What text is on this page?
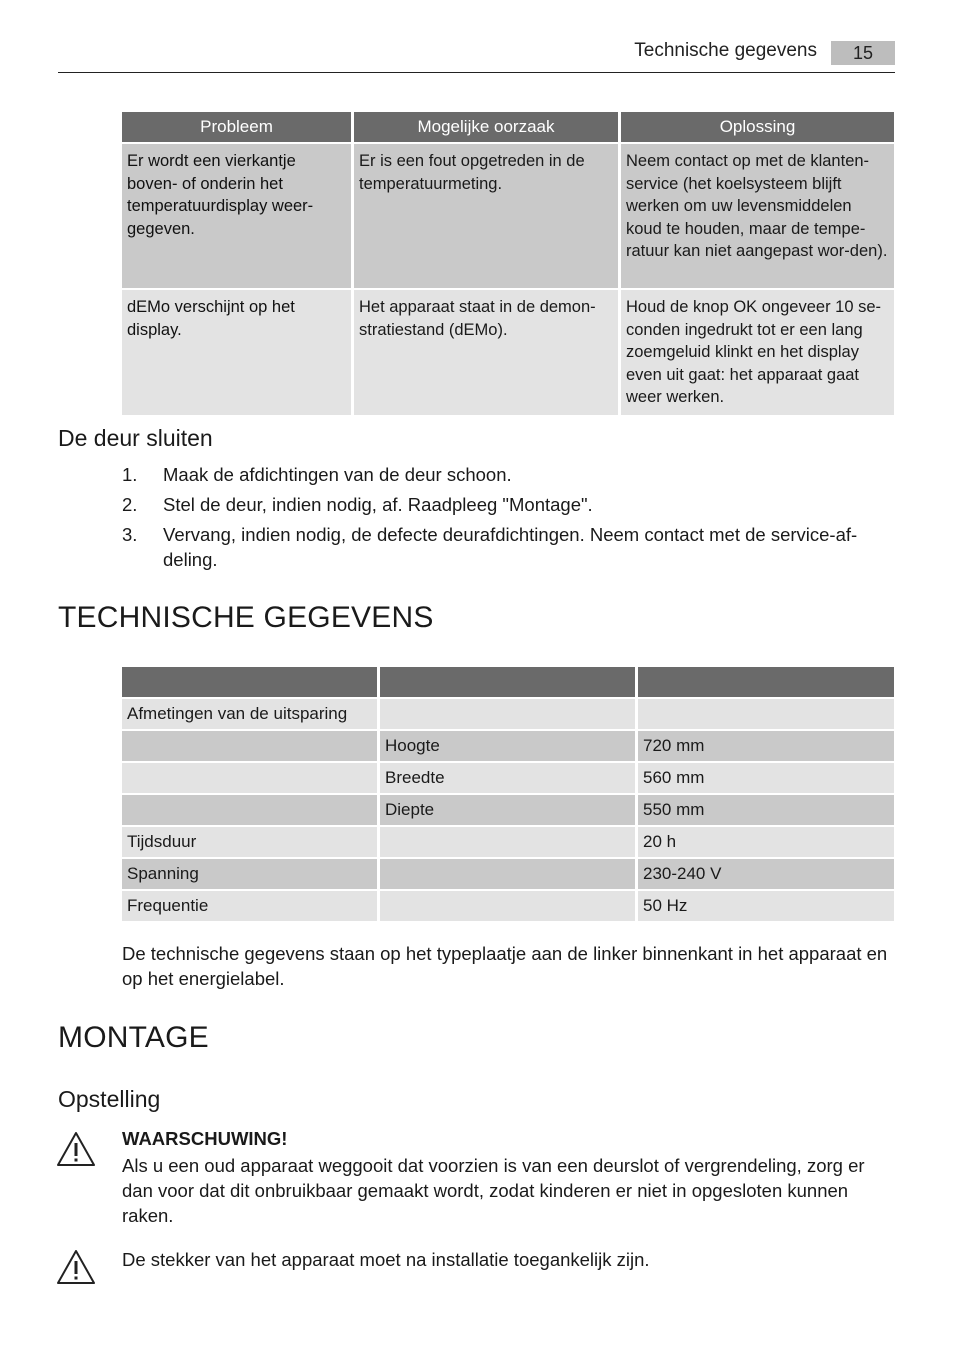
Technische gegevens	15
Probleem	Mogelijke oorzaak	Oplossing
Er wordt een vierkantje boven- of onderin het temperatuurdisplay weer-gegeven.	Er is een fout opgetreden in de temperatuurmeting.	Neem contact op met de klanten-service (het koelsysteem blijft werken om uw levensmiddelen koud te houden, maar de tempe-ratuur kan niet aangepast wor-den).
dEMo verschijnt op het display.	Het apparaat staat in de demon-stratiestand (dEMo).	Houd de knop OK ongeveer 10 se-conden ingedrukt tot er een lang zoemgeluid klinkt en het display even uit gaat: het apparaat gaat weer werken.
De deur sluiten
1. Maak de afdichtingen van de deur schoon.
2. Stel de deur, indien nodig, af. Raadpleeg "Montage".
3. Vervang, indien nodig, de defecte deurafdichtingen. Neem contact met de service-af-deling.
TECHNISCHE GEGEVENS

Afmetingen van de uitsparing		
	Hoogte	720 mm
	Breedte	560 mm
	Diepte	550 mm
Tijdsduur		20 h
Spanning		230-240 V
Frequentie		50 Hz

De technische gegevens staan op het typeplaatje aan de linker binnenkant in het apparaat en op het energielabel.

MONTAGE
Opstelling
WAARSCHUWING!

Als u een oud apparaat weggooit dat voorzien is van een deurslot of vergrendeling, zorg er dan voor dat dit onbruikbaar gemaakt wordt, zodat kinderen er niet in opgesloten kunnen raken.

De stekker van het apparaat moet na installatie toegankelijk zijn.
